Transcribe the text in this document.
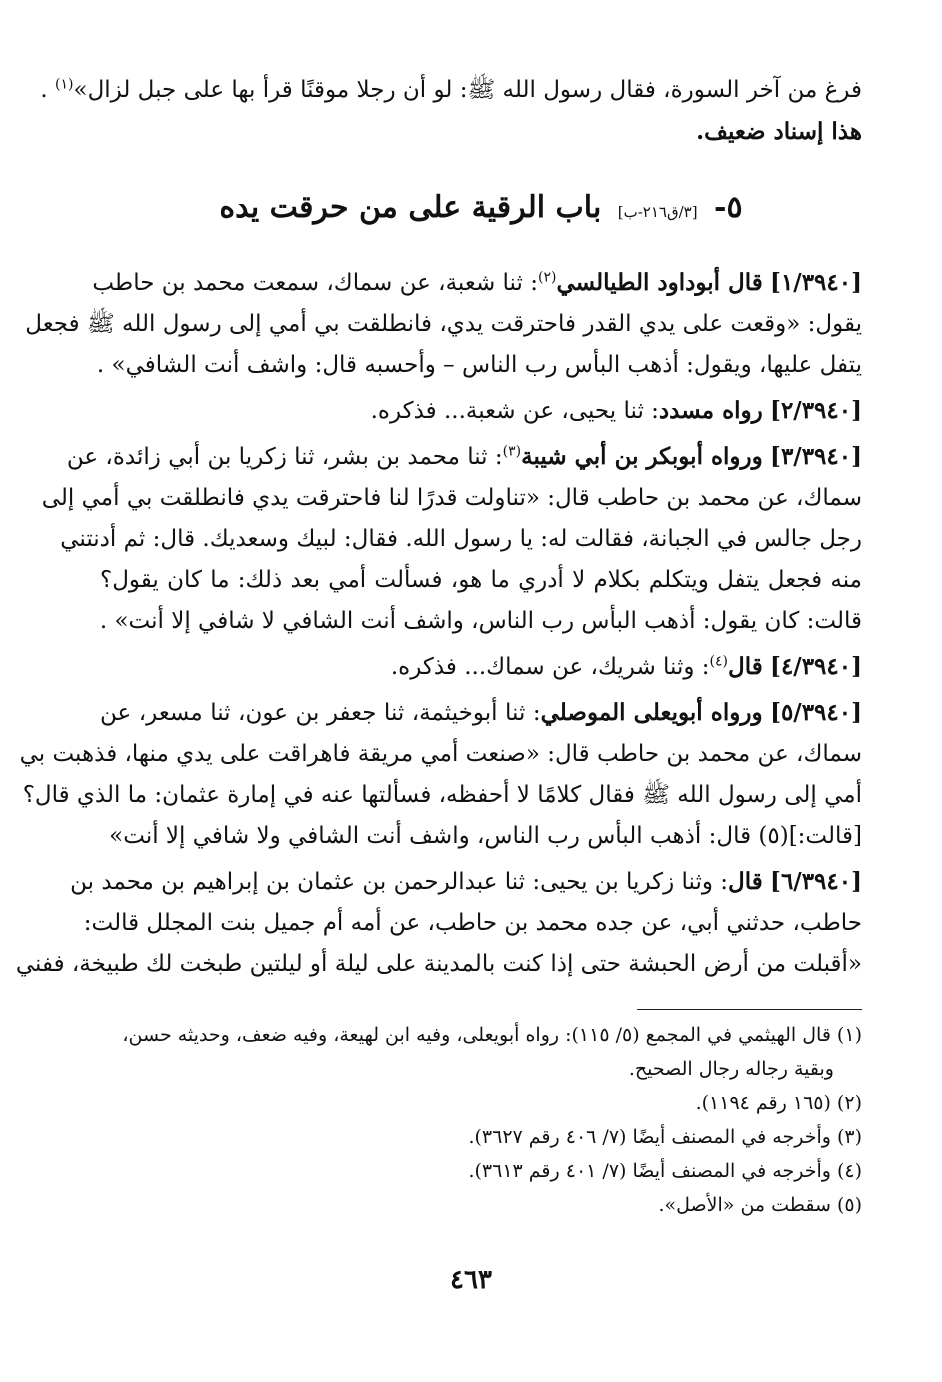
فرغ من آخر السورة، فقال رسول الله ﷺ: لو أن رجلا موقنًا قرأ بها على جبل لزال»$^{(١)}$ .
هذا إسناد ضعيف.
٥- [٣/ق٢١٦-ب] باب الرقية على من حرقت يده
[١/٣٩٤٠] قال أبوداود الطيالسي$^{(٢)}$: ثنا شعبة، عن سماك، سمعت محمد بن حاطب
يقول: «وقعت على يدي القدر فاحترقت يدي، فانطلقت بي أمي إلى رسول الله ﷺ فجعل
يتفل عليها، ويقول: أذهب البأس رب الناس – وأحسبه قال: واشف أنت الشافي» .
[٢/٣٩٤٠] رواه مسدد: ثنا يحيى، عن شعبة... فذكره.
[٣/٣٩٤٠] ورواه أبوبكر بن أبي شيبة$^{(٣)}$: ثنا محمد بن بشر، ثنا زكريا بن أبي زائدة، عن
سماك، عن محمد بن حاطب قال: «تناولت قدرًا لنا فاحترقت يدي فانطلقت بي أمي إلى
رجل جالس في الجبانة، فقالت له: يا رسول الله. فقال: لبيك وسعديك. قال: ثم أدنتني
منه فجعل يتفل ويتكلم بكلام لا أدري ما هو، فسألت أمي بعد ذلك: ما كان يقول؟
قالت: كان يقول: أذهب البأس رب الناس، واشف أنت الشافي لا شافي إلا أنت» .
[٤/٣٩٤٠] قال$^{(٤)}$: وثنا شريك، عن سماك... فذكره.
[٥/٣٩٤٠] ورواه أبويعلى الموصلي: ثنا أبوخيثمة، ثنا جعفر بن عون، ثنا مسعر، عن
سماك، عن محمد بن حاطب قال: «صنعت أمي مريقة فاهراقت على يدي منها، فذهبت بي
أمي إلى رسول الله ﷺ فقال كلامًا لا أحفظه، فسألتها عنه في إمارة عثمان: ما الذي قال؟
[قالت:](٥) قال: أذهب البأس رب الناس، واشف أنت الشافي ولا شافي إلا أنت»
[٦/٣٩٤٠] قال: وثنا زكريا بن يحيى: ثنا عبدالرحمن بن عثمان بن إبراهيم بن محمد بن
حاطب، حدثني أبي، عن جده محمد بن حاطب، عن أمه أم جميل بنت المجلل قالت:
«أقبلت من أرض الحبشة حتى إذا كنت بالمدينة على ليلة أو ليلتين طبخت لك طبيخة، ففني
(١) قال الهيثمي في المجمع (٥/ ١١٥): رواه أبويعلى، وفيه ابن لهيعة، وفيه ضعف، وحديثه حسن،
وبقية رجاله رجال الصحيح.
(٢) (١٦٥ رقم ١١٩٤).
(٣) وأخرجه في المصنف أيضًا (٧/ ٤٠٦ رقم ٣٦٢٧).
(٤) وأخرجه في المصنف أيضًا (٧/ ٤٠١ رقم ٣٦١٣).
(٥) سقطت من «الأصل».
٤٦٣
